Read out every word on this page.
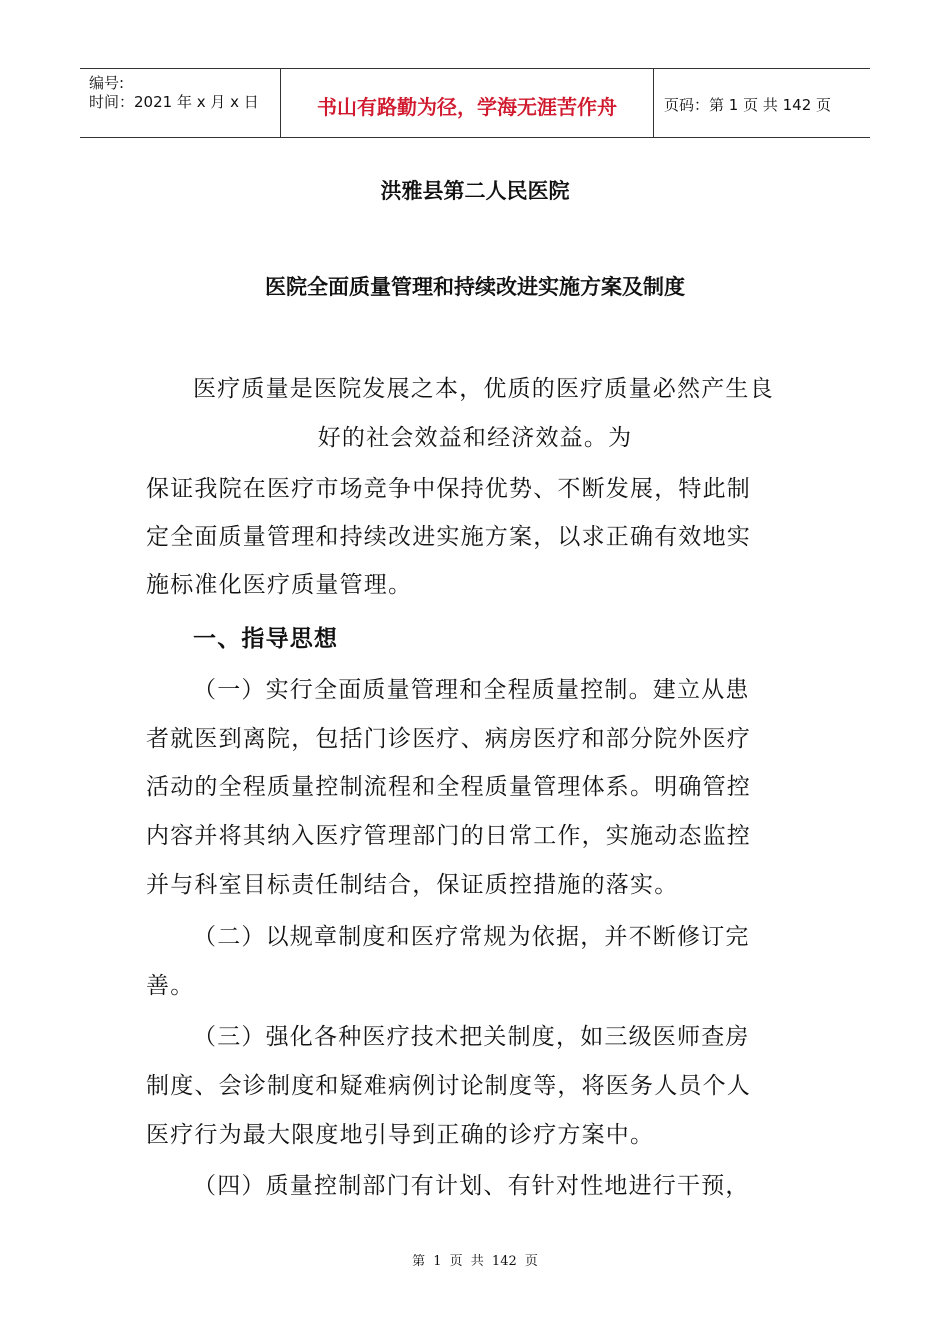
编号:
时间：2021 年 x 月 x 日	书山有路勤为径，学海无涯苦作舟	页码：第 1 页 共 142 页
洪雅县第二人民医院
医院全面质量管理和持续改进实施方案及制度
医疗质量是医院发展之本，优质的医疗质量必然产生良
好的社会效益和经济效益。为
保证我院在医疗市场竞争中保持优势、不断发展，特此制
定全面质量管理和持续改进实施方案，以求正确有效地实
施标准化医疗质量管理。
一、指导思想
（一）实行全面质量管理和全程质量控制。建立从患
者就医到离院，包括门诊医疗、病房医疗和部分院外医疗
活动的全程质量控制流程和全程质量管理体系。明确管控
内容并将其纳入医疗管理部门的日常工作，实施动态监控
并与科室目标责任制结合，保证质控措施的落实。
（二）以规章制度和医疗常规为依据，并不断修订完
善。
（三）强化各种医疗技术把关制度，如三级医师查房
制度、会诊制度和疑难病例讨论制度等，将医务人员个人
医疗行为最大限度地引导到正确的诊疗方案中。
（四）质量控制部门有计划、有针对性地进行干预，
第 1 页 共 142 页
